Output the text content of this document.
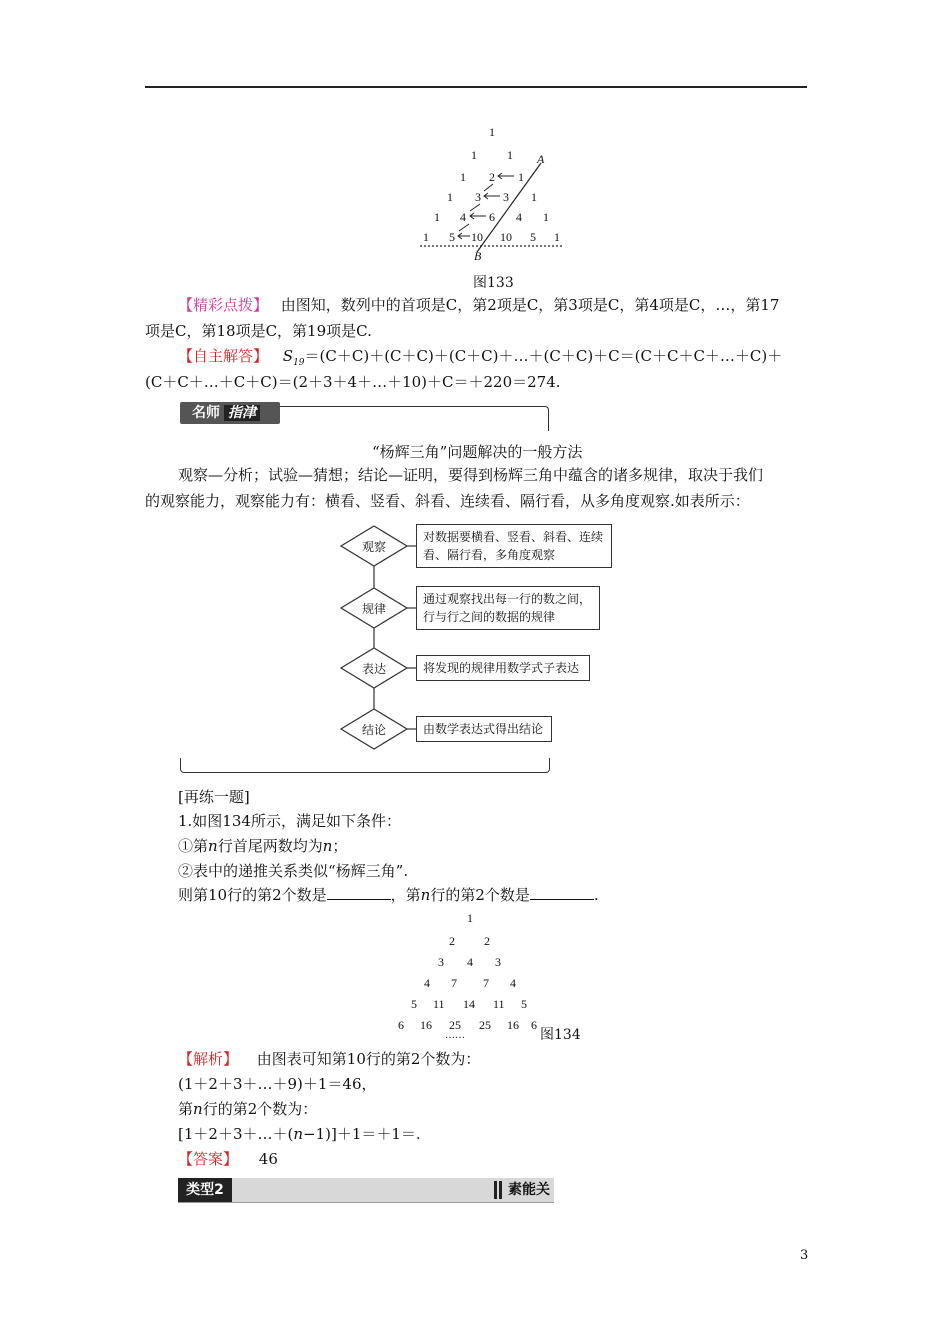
1
1	1
1 2 1
1 3 3 1
1 4 6 4 1
1 5 10 10 5 1
A
B
图133
【精彩点拨】 由图知，数列中的首项是C，第2项是C，第3项是C，第4项是C，…，第17
项是C，第18项是C，第19项是C.
【自主解答】 $S_{19}=(C+C)+(C+C)+(C+C)+\dots+(C+C)+C=(C+C+C+\dots+C)+$
(C＋C＋…＋C＋C)＝(2＋3＋4＋…＋10)＋C＝＋220＝274.
名师 指津
“杨辉三角”问题解决的一般方法
观察—分析；试验—猜想；结论—证明，要得到杨辉三角中蕴含的诸多规律，取决于我们
的观察能力，观察能力有：横看、竖看、斜看、连续看、隔行看，从多角度观察.如表所示：
观察
规律
表达
结论
对数据要横看、竖看、斜看、连续
看、隔行看，多角度观察
通过观察找出每一行的数之间，
行与行之间的数据的规律
将发现的规律用数学式子表达
由数学表达式得出结论
[再练一题]
1.如图134所示，满足如下条件：
①第n行首尾两数均为n；
②表中的递推关系类似“杨辉三角”.
则第10行的第2个数是	，第n行的第2个数是	.
1
2 2
3 4 3
4 7 7 4
5 11 14 11 5
6 16 25 25 16 6
……	图134
【解析】 由图表可知第10行的第2个数为：
(1＋2＋3＋…＋9)＋1＝46，
第n行的第2个数为：
[1＋2＋3＋…＋(n−1)]＋1＝＋1＝.
【答案】 46
类型2	素能关
3
